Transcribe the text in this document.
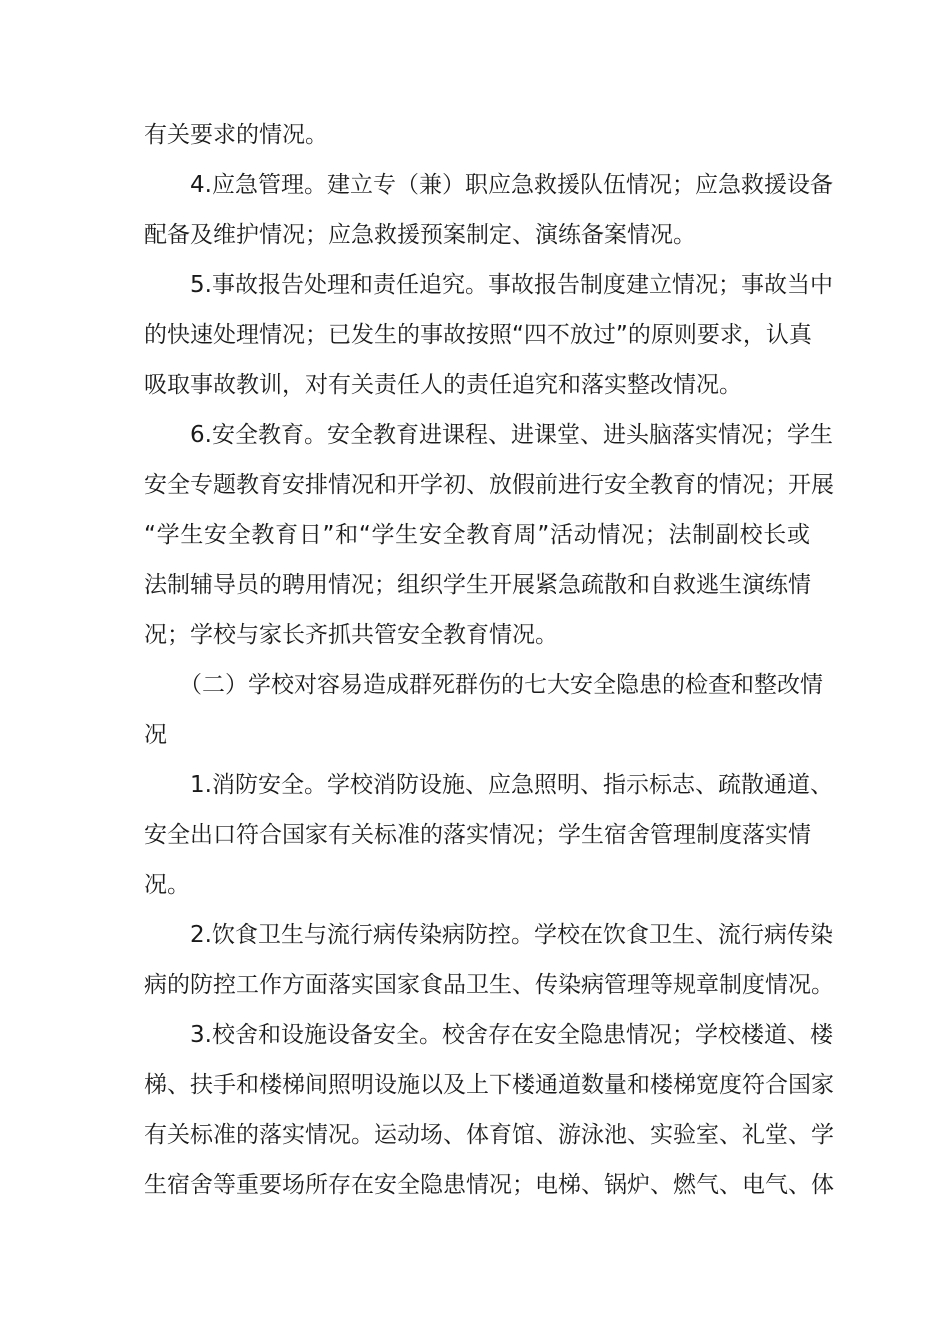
有关要求的情况。
4.应急管理。建立专（兼）职应急救援队伍情况；应急救援设备
配备及维护情况；应急救援预案制定、演练备案情况。
5.事故报告处理和责任追究。事故报告制度建立情况；事故当中
的快速处理情况；已发生的事故按照“四不放过”的原则要求，认真
吸取事故教训，对有关责任人的责任追究和落实整改情况。
6.安全教育。安全教育进课程、进课堂、进头脑落实情况；学生
安全专题教育安排情况和开学初、放假前进行安全教育的情况；开展
“学生安全教育日”和“学生安全教育周”活动情况；法制副校长或
法制辅导员的聘用情况；组织学生开展紧急疏散和自救逃生演练情
况；学校与家长齐抓共管安全教育情况。
（二）学校对容易造成群死群伤的七大安全隐患的检查和整改情
况
1.消防安全。学校消防设施、应急照明、指示标志、疏散通道、
安全出口符合国家有关标准的落实情况；学生宿舍管理制度落实情
况。
2.饮食卫生与流行病传染病防控。学校在饮食卫生、流行病传染
病的防控工作方面落实国家食品卫生、传染病管理等规章制度情况。
3.校舍和设施设备安全。校舍存在安全隐患情况；学校楼道、楼
梯、扶手和楼梯间照明设施以及上下楼通道数量和楼梯宽度符合国家
有关标准的落实情况。运动场、体育馆、游泳池、实验室、礼堂、学
生宿舍等重要场所存在安全隐患情况；电梯、锅炉、燃气、电气、体
